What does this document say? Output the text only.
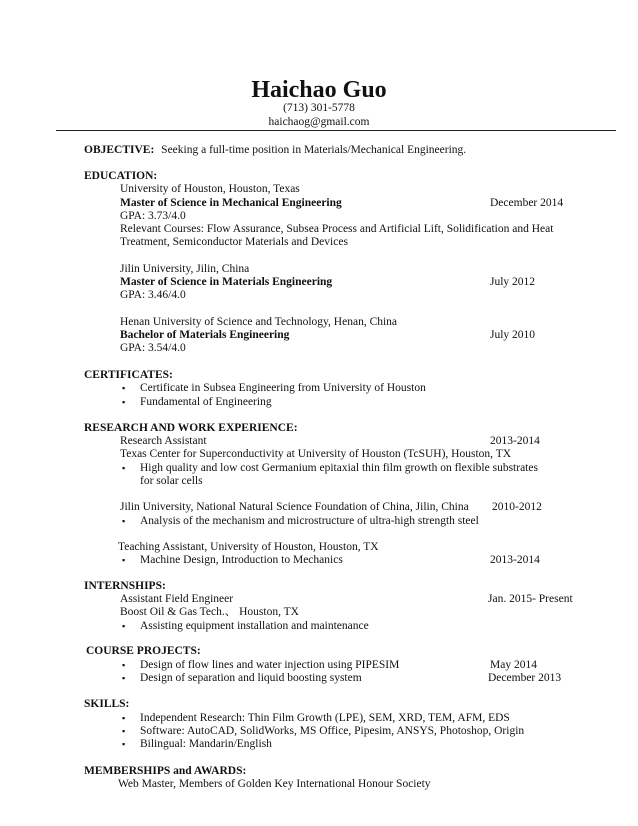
Haichao Guo
(713) 301-5778
haichaog@gmail.com
OBJECTIVE: Seeking a full-time position in Materials/Mechanical Engineering.
EDUCATION:
University of Houston, Houston, Texas
Master of Science in Mechanical Engineering	December 2014
GPA: 3.73/4.0
Relevant Courses: Flow Assurance, Subsea Process and Artificial Lift, Solidification and Heat
Treatment, Semiconductor Materials and Devices
Jilin University, Jilin, China
Master of Science in Materials Engineering	July 2012
GPA: 3.46/4.0
Henan University of Science and Technology, Henan, China
Bachelor of Materials Engineering	July 2010
GPA: 3.54/4.0
CERTIFICATES:
▪	Certificate in Subsea Engineering from University of Houston
▪	Fundamental of Engineering
RESEARCH AND WORK EXPERIENCE:
Research Assistant	2013-2014
Texas Center for Superconductivity at University of Houston (TcSUH), Houston, TX
▪	High quality and low cost Germanium epitaxial thin film growth on flexible substrates
for solar cells
Jilin University, National Natural Science Foundation of China, Jilin, China 2010-2012
▪	Analysis of the mechanism and microstructure of ultra-high strength steel
Teaching Assistant, University of Houston, Houston, TX
▪	Machine Design, Introduction to Mechanics	2013-2014
INTERNSHIPS:
Assistant Field Engineer	Jan. 2015- Present
Boost Oil & Gas Tech.、 Houston, TX
▪	Assisting equipment installation and maintenance
COURSE PROJECTS:
▪	Design of flow lines and water injection using PIPESIM	May 2014
▪	Design of separation and liquid boosting system	December 2013
SKILLS:
▪	Independent Research: Thin Film Growth (LPE), SEM, XRD, TEM, AFM, EDS
▪	Software: AutoCAD, SolidWorks, MS Office, Pipesim, ANSYS, Photoshop, Origin
▪	Bilingual: Mandarin/English
MEMBERSHIPS and AWARDS:
Web Master, Members of Golden Key International Honour Society
